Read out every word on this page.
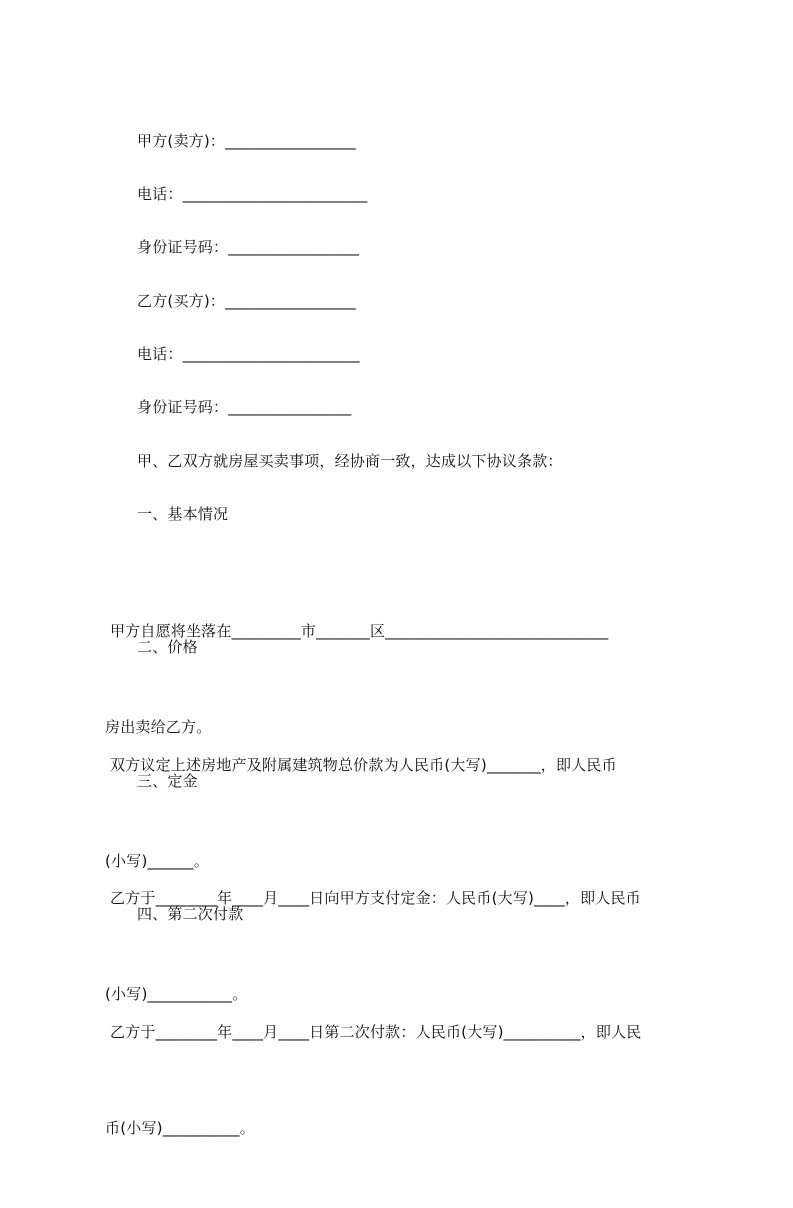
甲方(卖方)：_________________
电话：________________________
身份证号码：_________________
乙方(买方)：_________________
电话：_______________________
身份证号码：________________
甲、乙双方就房屋买卖事项，经协商一致，达成以下协议条款：
一、基本情况

甲方自愿将坐落在_________市_______区_____________________________

房出卖给乙方。

二、价格

双方议定上述房地产及附属建筑物总价款为人民币(大写)_______，即人民币

(小写)______。

三、定金

乙方于________年____月____日向甲方支付定金：人民币(大写)____，即人民币

(小写)___________。

四、第二次付款

乙方于________年____月____日第二次付款：人民币(大写)__________，即人民

币(小写)__________。
